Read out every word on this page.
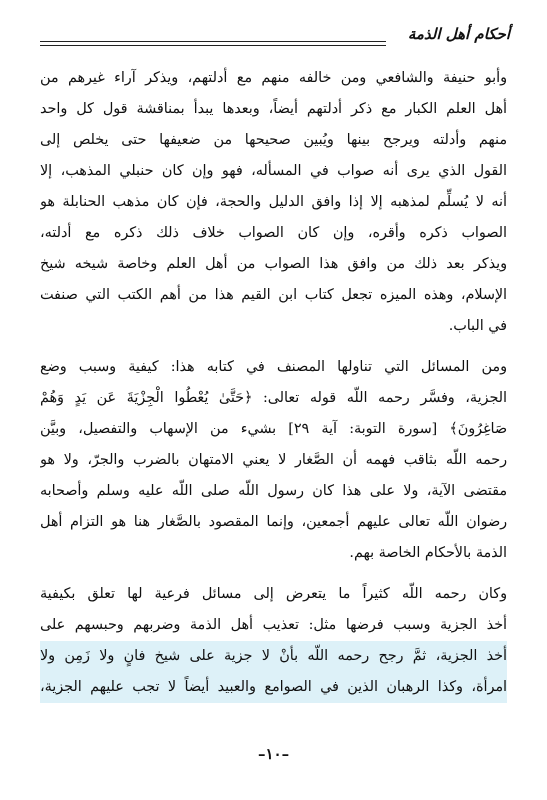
أحكام أهل الذمة
وأبو حنيفة والشافعي ومن خالفه منهم مع أدلتهم، ويذكر آراء غيرهم من
أهل العلم الكبار مع ذكر أدلتهم أيضاً، وبعدها يبدأ بمناقشة قول كل واحد
منهم وأدلته ويرجح بينها ويُبين صحيحها من ضعيفها حتى يخلص إلى
القول الذي يرى أنه صواب في المسأله، فهو وإن كان حنبلي المذهب، إلا
أنه لا يُسلِّم لمذهبه إلا إذا وافق الدليل والحجة، فإن كان مذهب الحنابلة هو
الصواب ذكره وأقره، وإن كان الصواب خلاف ذلك ذكره مع أدلته،
ويذكر بعد ذلك من وافق هذا الصواب من أهل العلم وخاصة شيخه شيخ
الإسلام، وهذه الميزه تجعل كتاب ابن القيم هذا من أهم الكتب التي صنفت
في الباب.
ومن المسائل التي تناولها المصنف في كتابه هذا: كيفية وسبب وضع
الجزية، وفسَّر رحمه اللّه قوله تعالى: ﴿حَتَّىٰ يُعْطُوا الْجِزْيَةَ عَن يَدٍ وَهُمْ
صَاغِرُونَ﴾ [سورة التوبة: آية ٢٩] بشيء من الإسهاب والتفصيل، وبيَّن
رحمه اللّه بثاقب فهمه أن الصَّغار لا يعني الامتهان بالضرب والجرّ، ولا هو
مقتضى الآية، ولا على هذا كان رسول اللّه صلى اللّه عليه وسلم وأصحابه
رضوان اللّه تعالى عليهم أجمعين، وإنما المقصود بالصَّغار هنا هو التزام أهل
الذمة بالأحكام الخاصة بهم.
وكان رحمه اللّه كثيراً ما يتعرض إلى مسائل فرعية لها تعلق بكيفية
أخذ الجزية وسبب فرضها مثل: تعذيب أهل الذمة وضربهم وحبسهم على
أخذ الجزية، ثمَّ رجح رحمه اللّه بأنْ لا جزية على شيخ فانٍ ولا زَمِن ولا
امرأة، وكذا الرهبان الذين في الصوامع والعبيد أيضاً لا تجب عليهم الجزية،
–١٠–
